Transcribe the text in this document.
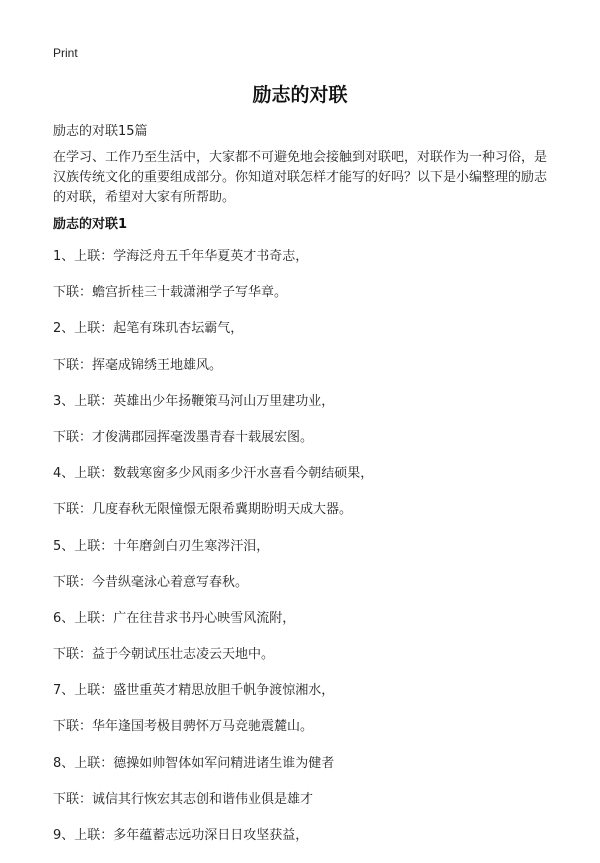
Print
励志的对联
励志的对联15篇

在学习、工作乃至生活中，大家都不可避免地会接触到对联吧，对联作为一种习俗，是汉族传统文化的重要组成部分。你知道对联怎样才能写的好吗？以下是小编整理的励志的对联，希望对大家有所帮助。

励志的对联1
1、上联：学海泛舟五千年华夏英才书奇志，
下联：蟾宫折桂三十载潇湘学子写华章。
2、上联：起笔有珠玑杏坛霸气，
下联：挥毫成锦绣王地雄风。
3、上联：英雄出少年扬鞭策马河山万里建功业，
下联：才俊满郡园挥毫泼墨青春十载展宏图。
4、上联：数载寒窗多少风雨多少汗水喜看今朝结硕果，
下联：几度春秋无限憧憬无限希冀期盼明天成大器。
5、上联：十年磨剑白刃生寒涔汗泪，
下联：今昔纵毫泳心着意写春秋。
6、上联：广在往昔求书丹心映雪风流附，
下联：益于今朝试压壮志凌云天地中。
7、上联：盛世重英才精思放胆千帆争渡惊湘水，
下联：华年逢国考极目骋怀万马竞驰震麓山。
8、上联：德操如帅智体如军问精进诸生谁为健者
下联：诚信其行恢宏其志创和谐伟业俱是雄才
9、上联：多年蕴蓄志远功深日日攻坚获益，
